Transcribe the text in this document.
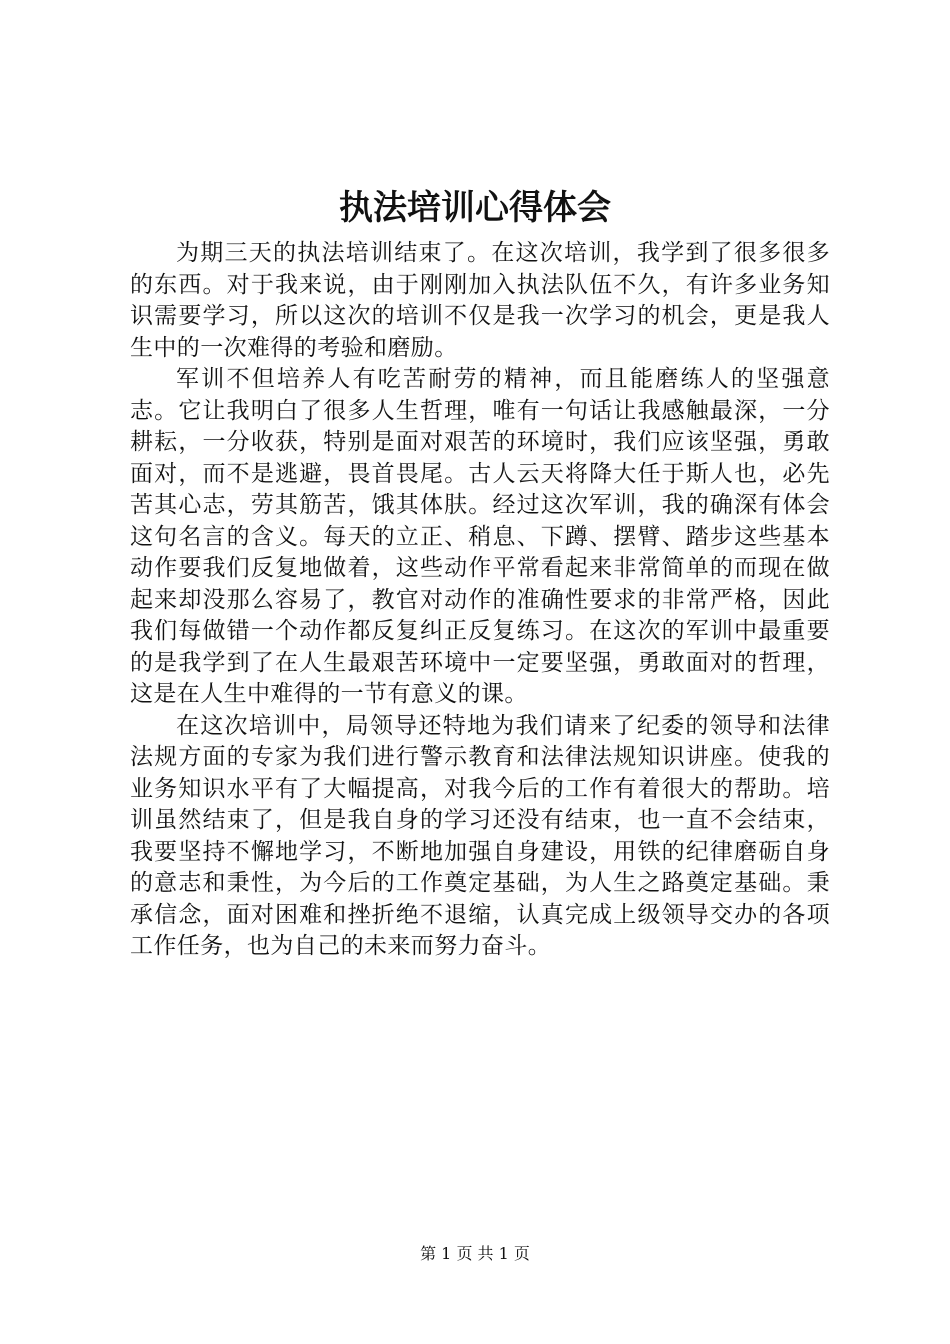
执法培训心得体会

为期三天的执法培训结束了。在这次培训，我学到了很多很多的东西。对于我来说，由于刚刚加入执法队伍不久，有许多业务知识需要学习，所以这次的培训不仅是我一次学习的机会，更是我人生中的一次难得的考验和磨励。

军训不但培养人有吃苦耐劳的精神，而且能磨练人的坚强意志。它让我明白了很多人生哲理，唯有一句话让我感触最深，一分耕耘，一分收获，特别是面对艰苦的环境时，我们应该坚强，勇敢面对，而不是逃避，畏首畏尾。古人云天将降大任于斯人也，必先苦其心志，劳其筋苦，饿其体肤。经过这次军训，我的确深有体会这句名言的含义。每天的立正、稍息、下蹲、摆臂、踏步这些基本动作要我们反复地做着，这些动作平常看起来非常简单的而现在做起来却没那么容易了，教官对动作的准确性要求的非常严格，因此我们每做错一个动作都反复纠正反复练习。在这次的军训中最重要的是我学到了在人生最艰苦环境中一定要坚强，勇敢面对的哲理，这是在人生中难得的一节有意义的课。

在这次培训中，局领导还特地为我们请来了纪委的领导和法律法规方面的专家为我们进行警示教育和法律法规知识讲座。使我的业务知识水平有了大幅提高，对我今后的工作有着很大的帮助。培训虽然结束了，但是我自身的学习还没有结束，也一直不会结束，我要坚持不懈地学习，不断地加强自身建设，用铁的纪律磨砺自身的意志和秉性，为今后的工作奠定基础，为人生之路奠定基础。秉承信念，面对困难和挫折绝不退缩，认真完成上级领导交办的各项工作任务，也为自己的未来而努力奋斗。

第 1 页 共 1 页
